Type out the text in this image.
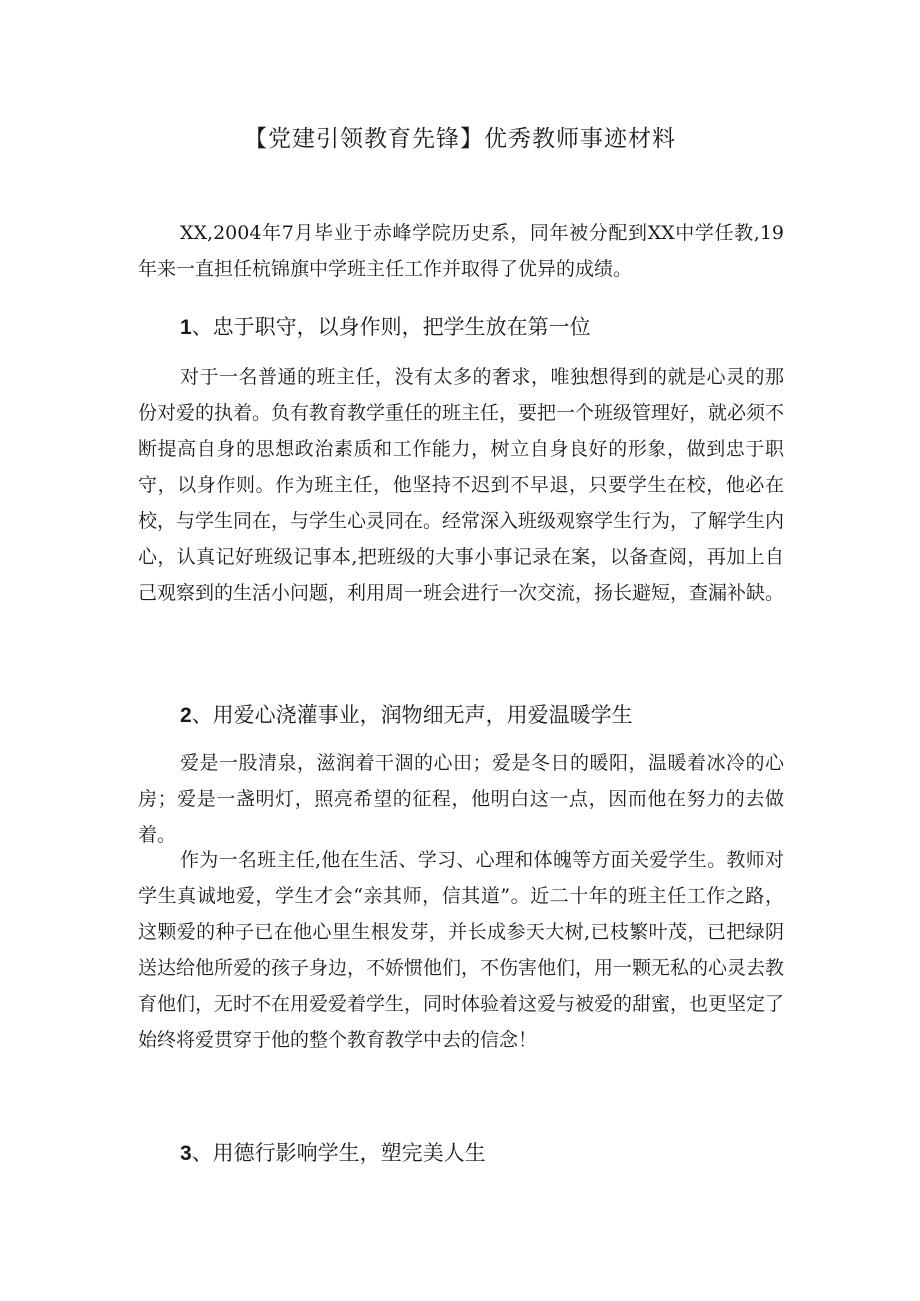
【党建引领教育先锋】优秀教师事迹材料

XX,2004年7月毕业于赤峰学院历史系，同年被分配到XX中学任教,19年来一直担任杭锦旗中学班主任工作并取得了优异的成绩。

1、忠于职守，以身作则，把学生放在第一位

对于一名普通的班主任，没有太多的奢求，唯独想得到的就是心灵的那份对爱的执着。负有教育教学重任的班主任，要把一个班级管理好，就必须不断提高自身的思想政治素质和工作能力，树立自身良好的形象，做到忠于职守，以身作则。作为班主任，他坚持不迟到不早退，只要学生在校，他必在校，与学生同在，与学生心灵同在。经常深入班级观察学生行为，了解学生内心，认真记好班级记事本,把班级的大事小事记录在案，以备查阅，再加上自己观察到的生活小问题，利用周一班会进行一次交流，扬长避短，查漏补缺。

2、用爱心浇灌事业，润物细无声，用爱温暖学生

爱是一股清泉，滋润着干涸的心田；爱是冬日的暖阳，温暖着冰冷的心房；爱是一盏明灯，照亮希望的征程，他明白这一点，因而他在努力的去做着。

作为一名班主任,他在生活、学习、心理和体魄等方面关爱学生。教师对学生真诚地爱，学生才会“亲其师，信其道”。近二十年的班主任工作之路，这颗爱的种子已在他心里生根发芽，并长成参天大树,已枝繁叶茂，已把绿阴送达给他所爱的孩子身边，不娇惯他们，不伤害他们，用一颗无私的心灵去教育他们，无时不在用爱爱着学生，同时体验着这爱与被爱的甜蜜，也更坚定了始终将爱贯穿于他的整个教育教学中去的信念！

3、用德行影响学生，塑完美人生
